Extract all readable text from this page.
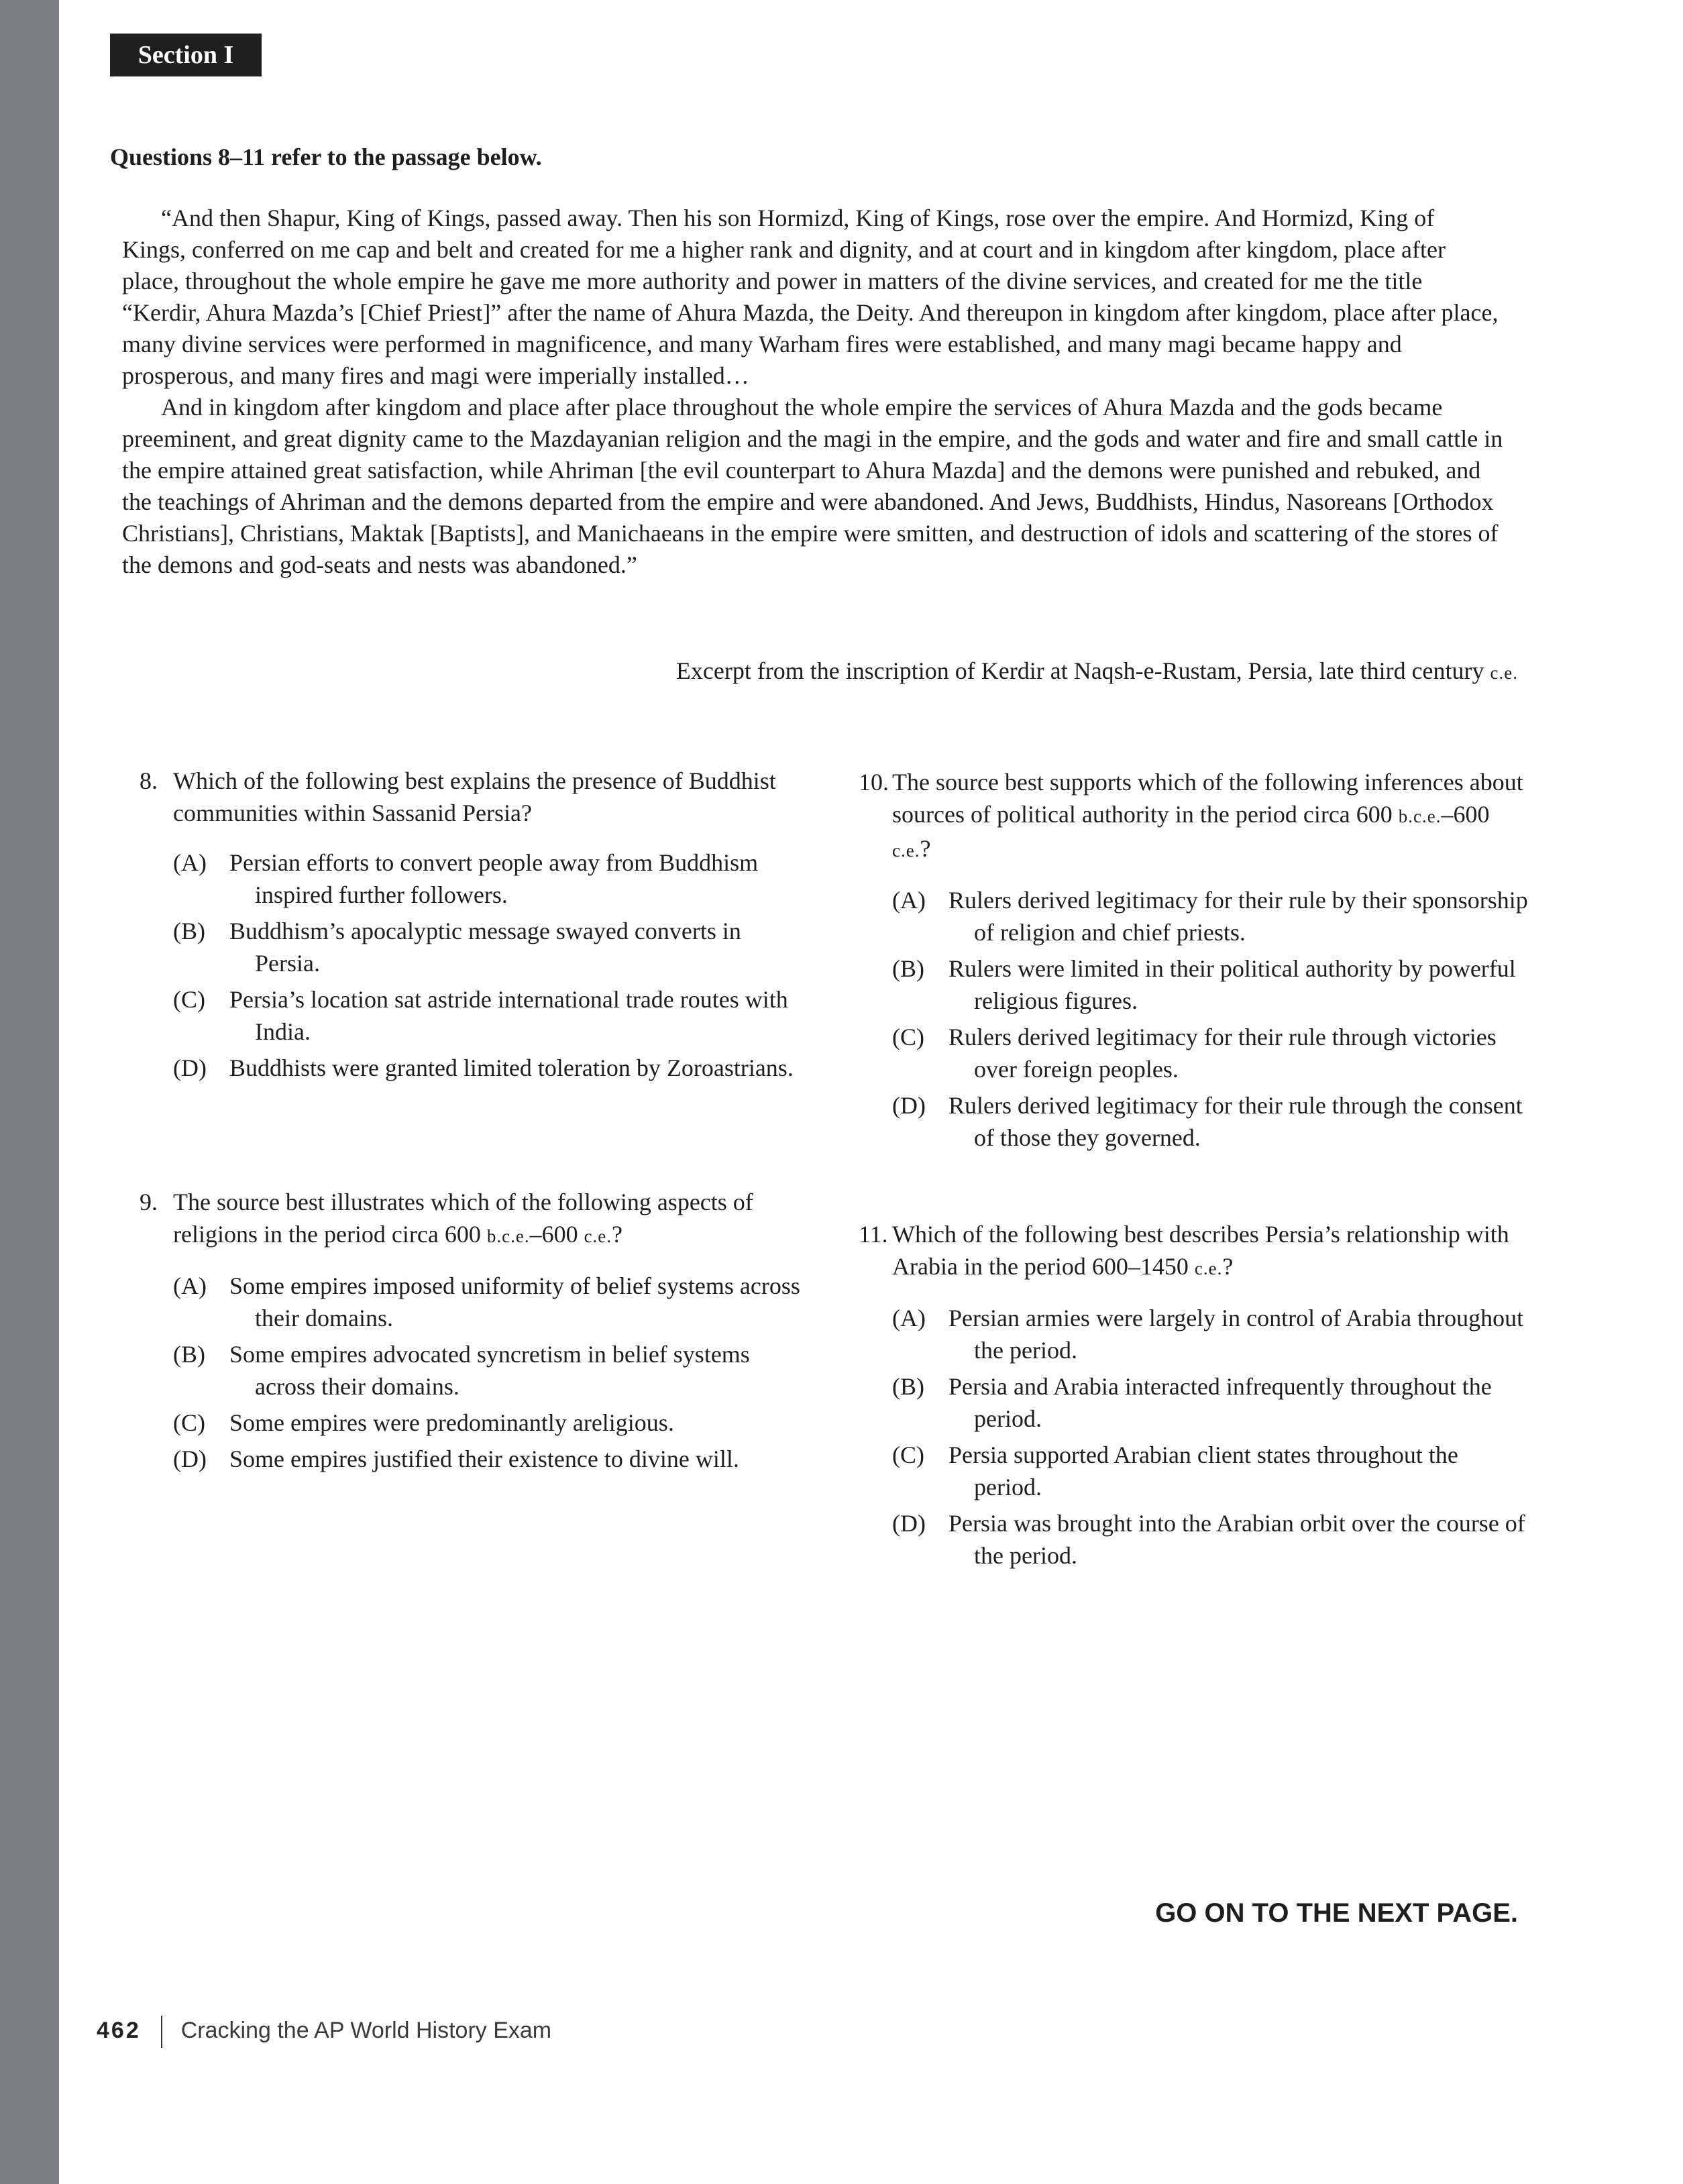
Section I
Questions 8–11 refer to the passage below.

“And then Shapur, King of Kings, passed away. Then his son Hormizd, King of Kings, rose over the empire. And Hormizd, King of Kings, conferred on me cap and belt and created for me a higher rank and dignity, and at court and in kingdom after kingdom, place after place, throughout the whole empire he gave me more authority and power in matters of the divine services, and created for me the title “Kerdir, Ahura Mazda’s [Chief Priest]” after the name of Ahura Mazda, the Deity. And thereupon in kingdom after kingdom, place after place, many divine services were performed in magnificence, and many Warham fires were established, and many magi became happy and prosperous, and many fires and magi were imperially installed…

And in kingdom after kingdom and place after place throughout the whole empire the services of Ahura Mazda and the gods became preeminent, and great dignity came to the Mazdayanian religion and the magi in the empire, and the gods and water and fire and small cattle in the empire attained great satisfaction, while Ahriman [the evil counterpart to Ahura Mazda] and the demons were punished and rebuked, and the teachings of Ahriman and the demons departed from the empire and were abandoned. And Jews, Buddhists, Hindus, Nasoreans [Orthodox Christians], Christians, Maktak [Baptists], and Manichaeans in the empire were smitten, and destruction of idols and scattering of the stores of the demons and god-seats and nests was abandoned.”

Excerpt from the inscription of Kerdir at Naqsh-e-Rustam, Persia, late third century c.e.
8. Which of the following best explains the presence of Buddhist communities within Sassanid Persia?
(A) Persian efforts to convert people away from Buddhism inspired further followers.
(B) Buddhism’s apocalyptic message swayed converts in Persia.
(C) Persia’s location sat astride international trade routes with India.
(D) Buddhists were granted limited toleration by Zoroastrians.
9. The source best illustrates which of the following aspects of religions in the period circa 600 b.c.e.–600 c.e.?
(A) Some empires imposed uniformity of belief systems across their domains.
(B) Some empires advocated syncretism in belief systems across their domains.
(C) Some empires were predominantly areligious.
(D) Some empires justified their existence to divine will.
10. The source best supports which of the following inferences about sources of political authority in the period circa 600 b.c.e.–600 c.e.?
(A) Rulers derived legitimacy for their rule by their sponsorship of religion and chief priests.
(B) Rulers were limited in their political authority by powerful religious figures.
(C) Rulers derived legitimacy for their rule through victories over foreign peoples.
(D) Rulers derived legitimacy for their rule through the consent of those they governed.
11. Which of the following best describes Persia’s relationship with Arabia in the period 600–1450 c.e.?
(A) Persian armies were largely in control of Arabia throughout the period.
(B) Persia and Arabia interacted infrequently throughout the period.
(C) Persia supported Arabian client states throughout the period.
(D) Persia was brought into the Arabian orbit over the course of the period.
GO ON TO THE NEXT PAGE.
462 Cracking the AP World History Exam
